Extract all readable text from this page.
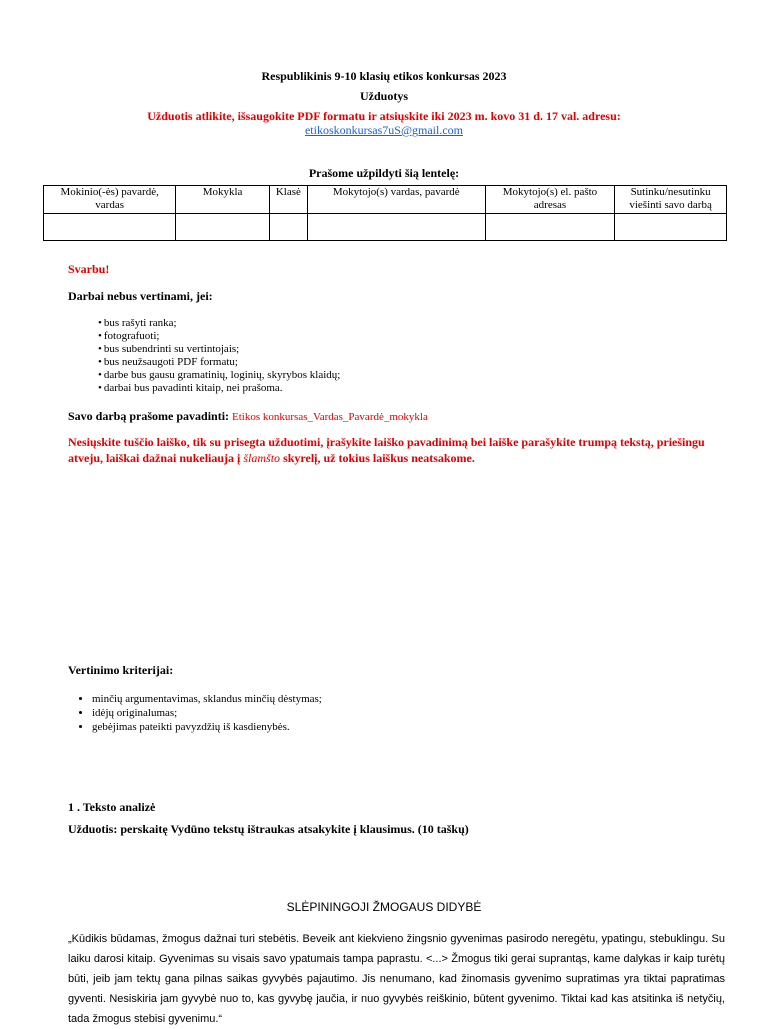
Respublikinis 9-10 klasių etikos konkursas 2023
Užduotys
Užduotis atlikite, išsaugokite PDF formatu ir atsiųskite iki 2023 m. kovo 31 d. 17 val. adresu:
etikoskonkursas7uS@gmail.com
Prašome užpildyti šią lentelę:
Mokinio(-ės) pavardė, vardas	Mokykla	Klasė	Mokytojo(s) vardas, pavardė	Mokytojo(s) el. pašto adresas	Sutinku/nesutinku viešinti savo darbą

Svarbu!
Darbai nebus vertinami, jei:
• bus rašyti ranka;
• fotografuoti;
• bus subendrinti su vertintojais;
• bus neužsaugoti PDF formatu;
• darbe bus gausu gramatinių, loginių, skyrybos klaidų;
• darbai bus pavadinti kitaip, nei prašoma.
Savo darbą prašome pavadinti: Etikos konkursas_Vardas_Pavardė_mokykla
Nesiųskite tuščio laiško, tik su prisegta užduotimi, įrašykite laiško pavadinimą bei laiške parašykite trumpą tekstą, priešingu atveju, laiškai dažnai nukeliauja į šlamšto skyrelį, už tokius laiškus neatsakome.
Vertinimo kriterijai:
• minčių argumentavimas, sklandus minčių dėstymas;
• idėjų originalumas;
• gebėjimas pateikti pavyzdžių iš kasdienybės.
1 . Teksto analizė
Užduotis: perskaitę Vydūno tekstų ištraukas atsakykite į klausimus. (10 taškų)
SLĖPININGOJI ŽMOGAUS DIDYBĖ
„Kūdikis būdamas, žmogus dažnai turi stebėtis. Beveik ant kiekvieno žingsnio gyvenimas pasirodo neregėtu, ypatingu, stebuklingu. Su laiku darosi kitaip. Gyvenimas su visais savo ypatumais tampa paprastu. <...> Žmogus tiki gerai suprantąs, kame dalykas ir kaip turėtų būti, jeib jam tektų gana pilnas saikas gyvybės pajautimo. Jis nenumano, kad žinomasis gyvenimo supratimas yra tiktai papratimas gyventi. Nesiskiria jam gyvybė nuo to, kas gyvybę jaučia, ir nuo gyvybės reiškinio, būtent gyvenimo. Tiktai kad kas atsitinka iš netyčių, tada žmogus stebisi gyvenimu.“
